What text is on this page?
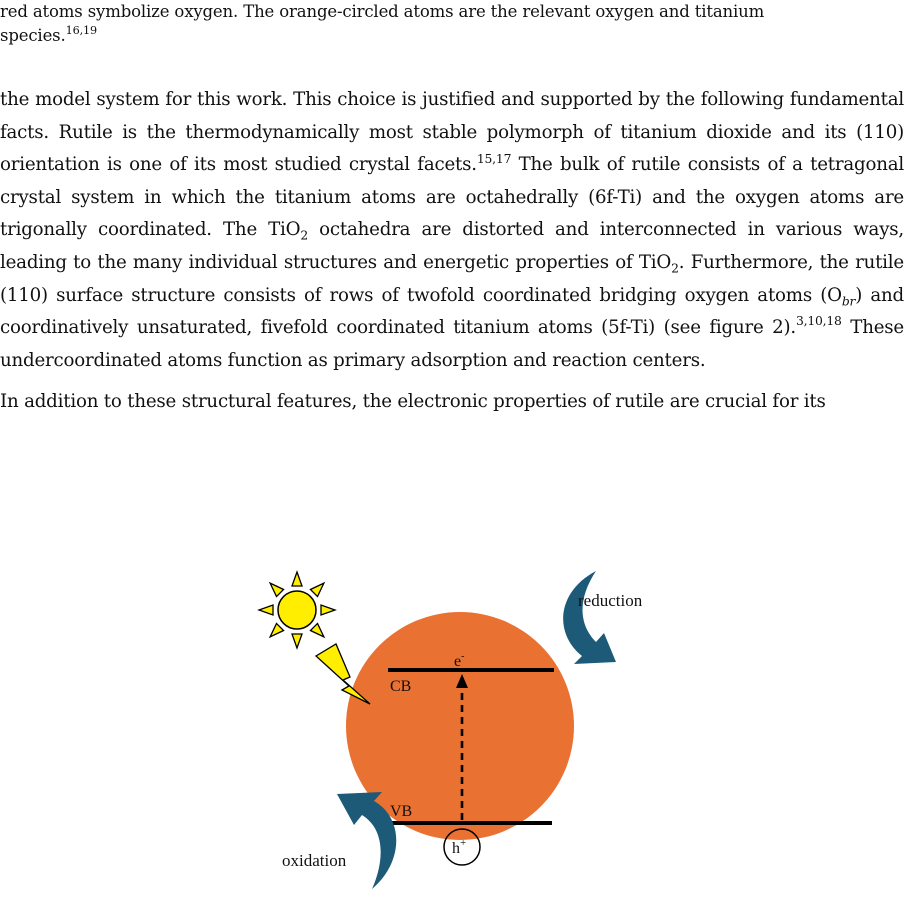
red atoms symbolize oxygen. The orange-circled atoms are the relevant oxygen and titanium
species.$^{16,19}$

the model system for this work. This choice is justified and supported by the following fundamental facts. Rutile is the thermodynamically most stable polymorph of titanium dioxide and its (110) orientation is one of its most studied crystal facets.$^{15,17}$ The bulk of rutile consists of a tetragonal crystal system in which the titanium atoms are octahedrally (6f-Ti) and the oxygen atoms are trigonally coordinated. The TiO$_2$ octahedra are distorted and interconnected in various ways, leading to the many individual structures and energetic properties of TiO$_2$. Furthermore, the rutile (110) surface structure consists of rows of twofold coordinated bridging oxygen atoms $(O_{br})$ and coordinatively unsaturated, fivefold coordinated titanium atoms (5f-Ti) (see figure 2).$^{3,10,18}$ These undercoordinated atoms function as primary adsorption and reaction centers.

In addition to these structural features, the electronic properties of rutile are crucial for its

CB
e-
VB
h+
reduction
oxidation
